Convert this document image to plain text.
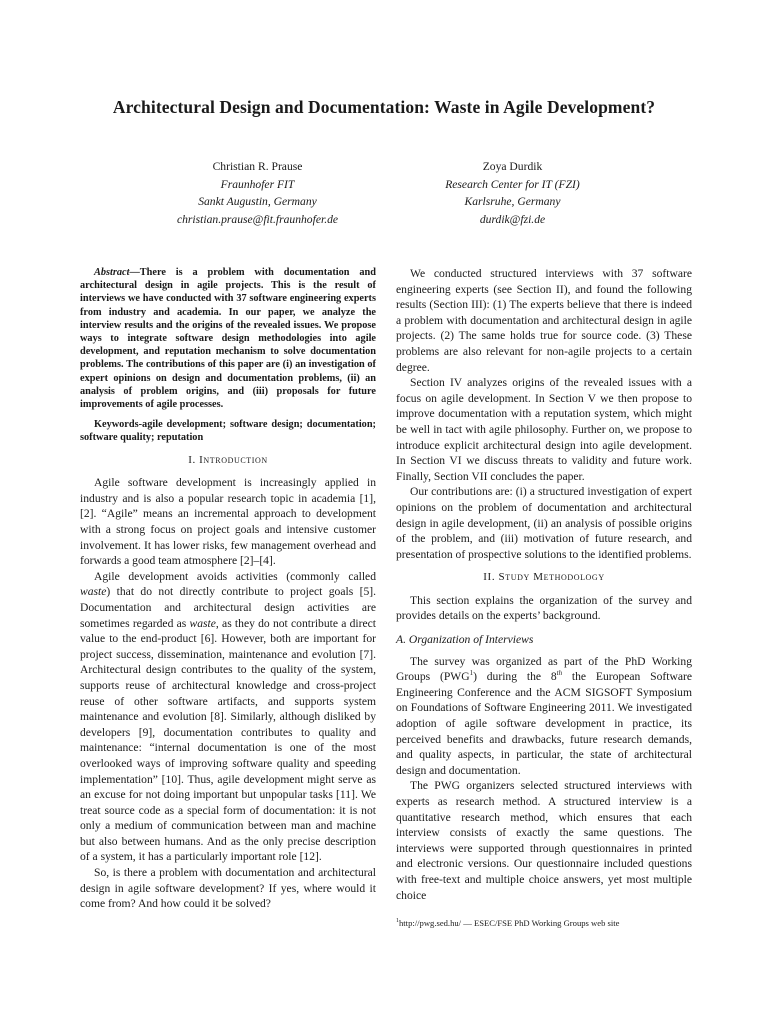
Architectural Design and Documentation: Waste in Agile Development?
Christian R. Prause
Fraunhofer FIT
Sankt Augustin, Germany
christian.prause@fit.fraunhofer.de
Zoya Durdik
Research Center for IT (FZI)
Karlsruhe, Germany
durdik@fzi.de

Abstract—There is a problem with documentation and architectural design in agile projects. This is the result of interviews we have conducted with 37 software engineering experts from industry and academia. In our paper, we analyze the interview results and the origins of the revealed issues. We propose ways to integrate software design methodologies into agile development, and reputation mechanism to solve documentation problems. The contributions of this paper are (i) an investigation of expert opinions on design and documentation problems, (ii) an analysis of problem origins, and (iii) proposals for future improvements of agile processes.

Keywords-agile development; software design; documentation; software quality; reputation

I. Introduction

Agile software development is increasingly applied in industry and is also a popular research topic in academia [1], [2]. “Agile” means an incremental approach to development with a strong focus on project goals and intensive customer involvement. It has lower risks, few management overhead and forwards a good team atmosphere [2]–[4].

Agile development avoids activities (commonly called waste) that do not directly contribute to project goals [5]. Documentation and architectural design activities are sometimes regarded as waste, as they do not contribute a direct value to the end-product [6]. However, both are important for project success, dissemination, maintenance and evolution [7]. Architectural design contributes to the quality of the system, supports reuse of architectural knowledge and cross-project reuse of other software artifacts, and supports system maintenance and evolution [8]. Similarly, although disliked by developers [9], documentation contributes to quality and maintenance: “internal documentation is one of the most overlooked ways of improving software quality and speeding implementation” [10]. Thus, agile development might serve as an excuse for not doing important but unpopular tasks [11]. We treat source code as a special form of documentation: it is not only a medium of communication between man and machine but also between humans. And as the only precise description of a system, it has a particularly important role [12].

So, is there a problem with documentation and architectural design in agile software development? If yes, where would it come from? And how could it be solved?

We conducted structured interviews with 37 software engineering experts (see Section II), and found the following results (Section III): (1) The experts believe that there is indeed a problem with documentation and architectural design in agile projects. (2) The same holds true for source code. (3) These problems are also relevant for non-agile projects to a certain degree.

Section IV analyzes origins of the revealed issues with a focus on agile development. In Section V we then propose to improve documentation with a reputation system, which might be well in tact with agile philosophy. Further on, we propose to introduce explicit architectural design into agile development. In Section VI we discuss threats to validity and future work. Finally, Section VII concludes the paper.

Our contributions are: (i) a structured investigation of expert opinions on the problem of documentation and architectural design in agile development, (ii) an analysis of possible origins of the problem, and (iii) motivation of future research, and presentation of prospective solutions to the identified problems.

II. Study Methodology

This section explains the organization of the survey and provides details on the experts’ background.

A. Organization of Interviews

The survey was organized as part of the PhD Working Groups (PWG$^1$) during the 8th the European Software Engineering Conference and the ACM SIGSOFT Symposium on Foundations of Software Engineering 2011. We investigated adoption of agile software development in practice, its perceived benefits and drawbacks, future research demands, and quality aspects, in particular, the state of architectural design and documentation.

The PWG organizers selected structured interviews with experts as research method. A structured interview is a quantitative research method, which ensures that each interview consists of exactly the same questions. The interviews were supported through questionnaires in printed and electronic versions. Our questionnaire included questions with free-text and multiple choice answers, yet most multiple choice

$^1$http://pwg.sed.hu/ — ESEC/FSE PhD Working Groups web site
